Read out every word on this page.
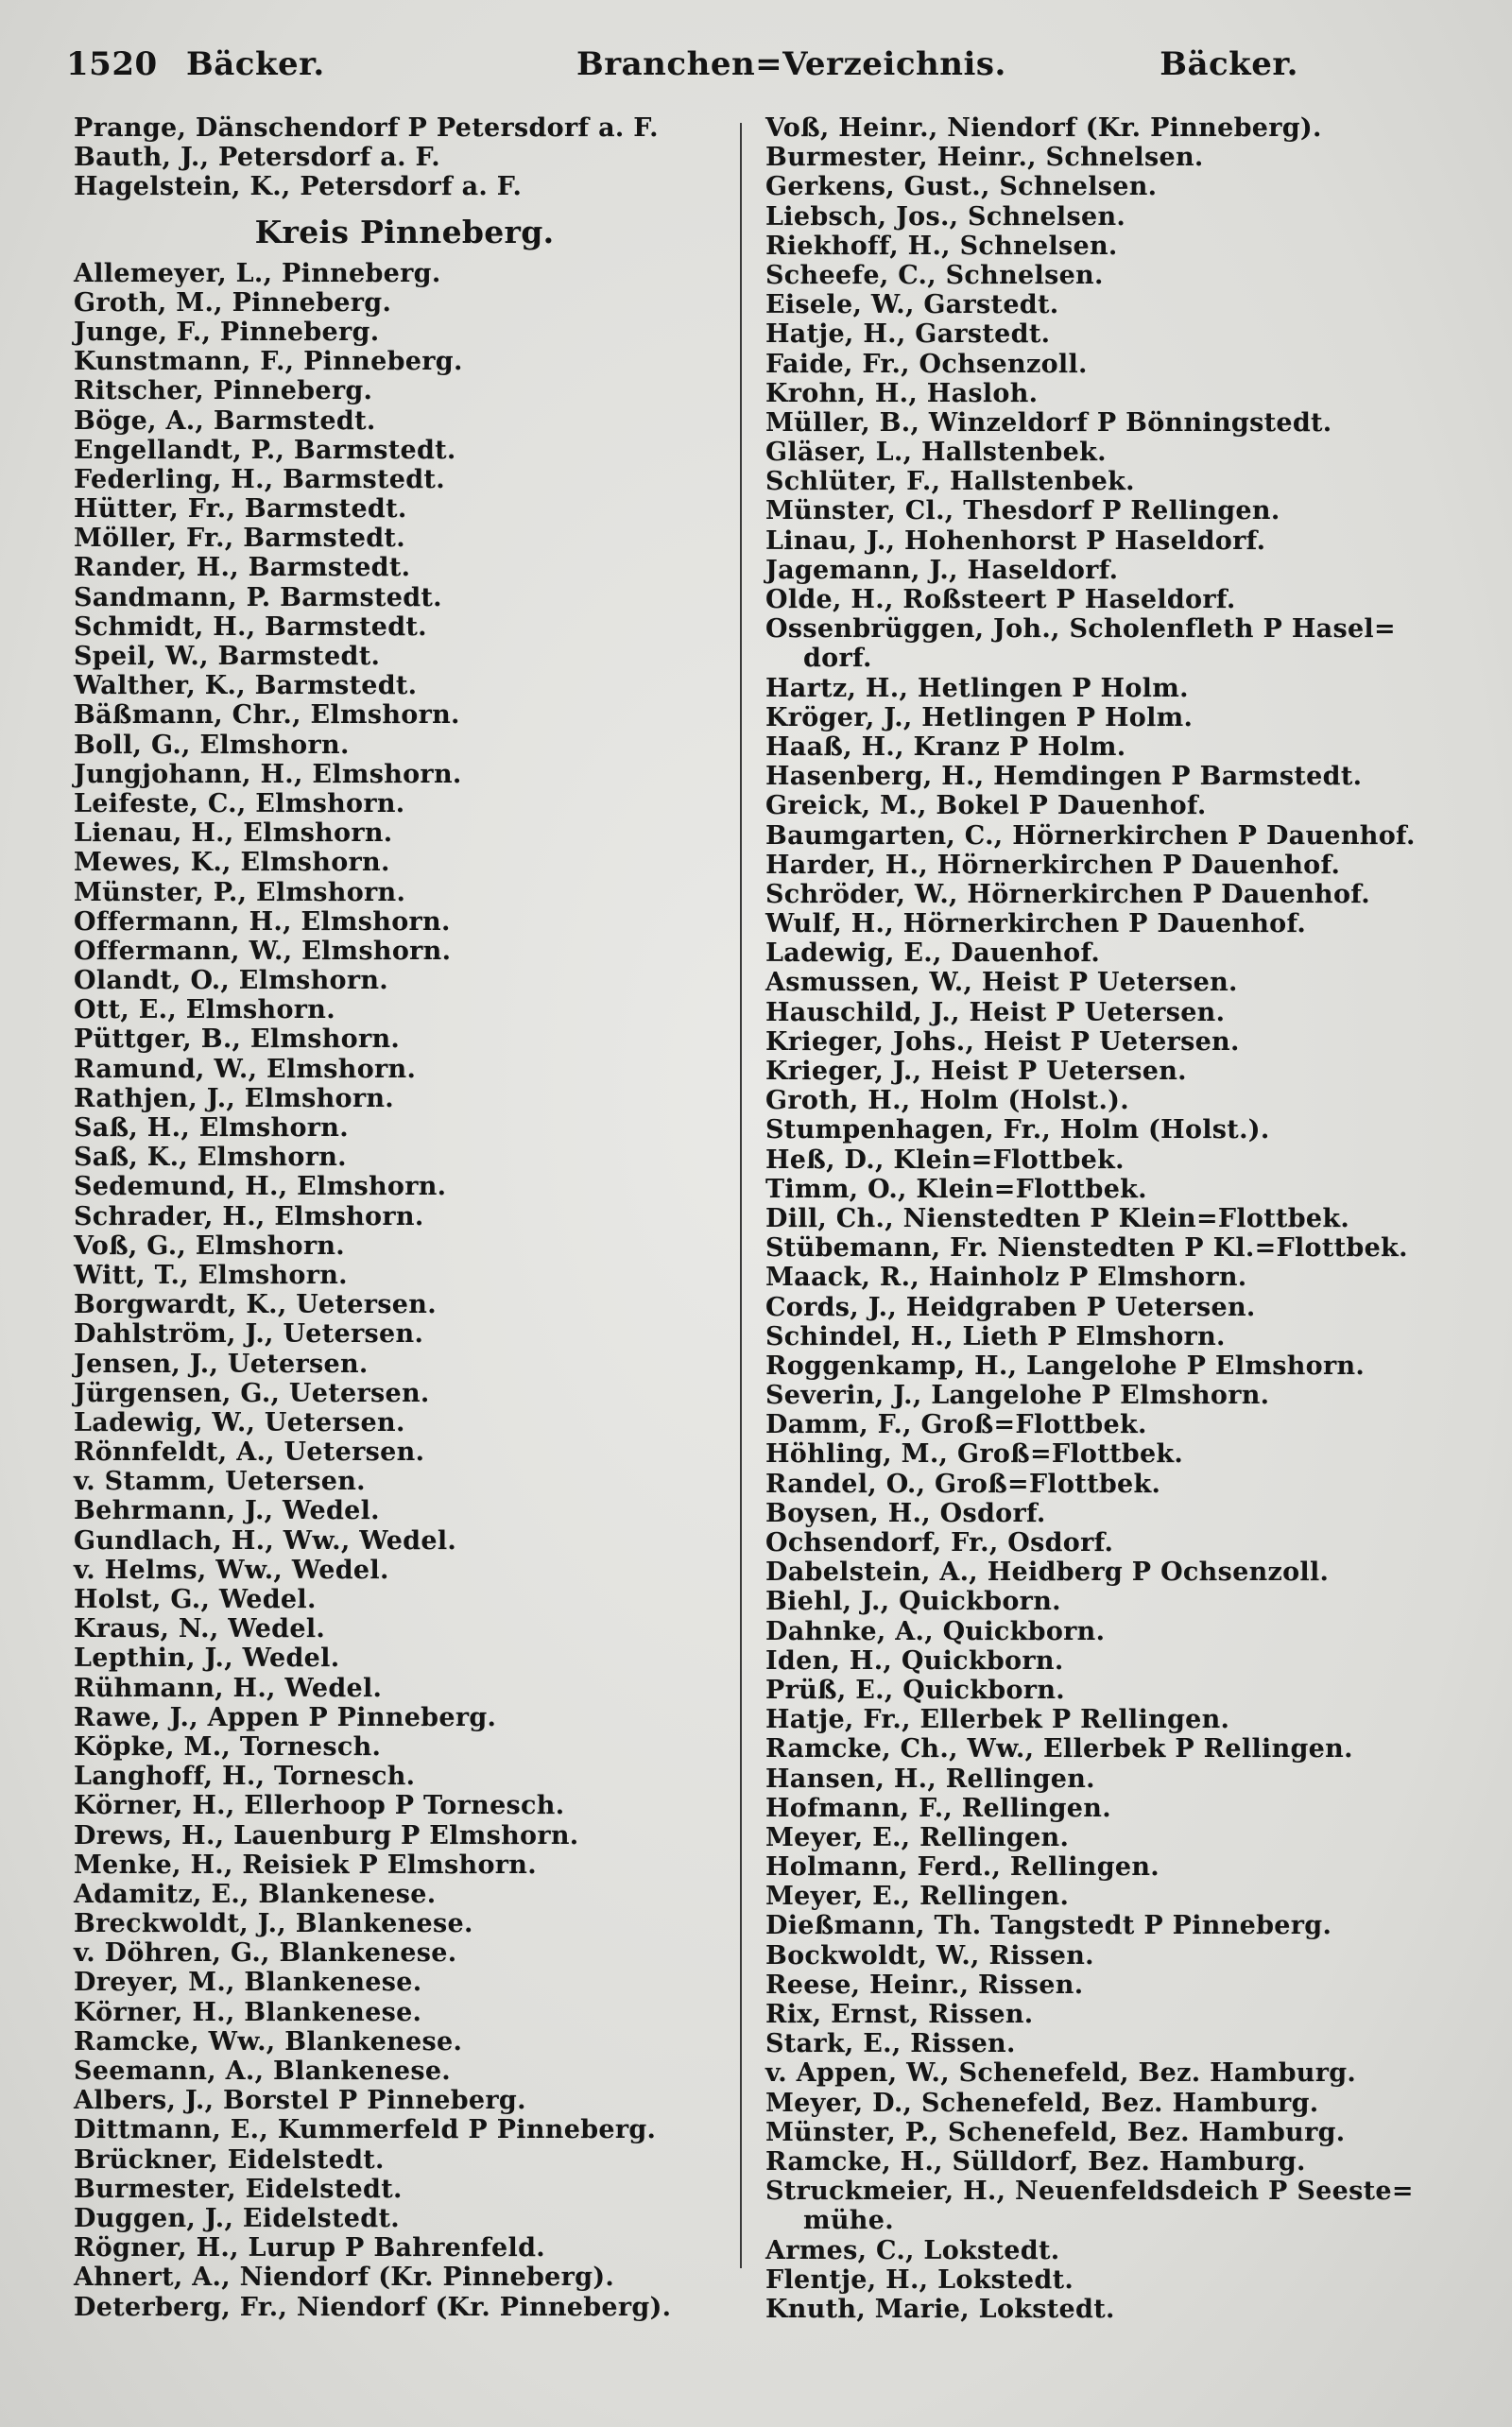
1520 Bäcker.	Branchen=Verzeichnis.	Bäcker.
Prange, Dänschendorf P Petersdorf a. F.
Bauth, J., Petersdorf a. F.
Hagelstein, K., Petersdorf a. F.
Kreis Pinneberg.
Allemeyer, L., Pinneberg.
Groth, M., Pinneberg.
Junge, F., Pinneberg.
Kunstmann, F., Pinneberg.
Ritscher, Pinneberg.
Böge, A., Barmstedt.
Engellandt, P., Barmstedt.
Federling, H., Barmstedt.
Hütter, Fr., Barmstedt.
Möller, Fr., Barmstedt.
Rander, H., Barmstedt.
Sandmann, P. Barmstedt.
Schmidt, H., Barmstedt.
Speil, W., Barmstedt.
Walther, K., Barmstedt.
Bäßmann, Chr., Elmshorn.
Boll, G., Elmshorn.
Jungjohann, H., Elmshorn.
Leifeste, C., Elmshorn.
Lienau, H., Elmshorn.
Mewes, K., Elmshorn.
Münster, P., Elmshorn.
Offermann, H., Elmshorn.
Offermann, W., Elmshorn.
Olandt, O., Elmshorn.
Ott, E., Elmshorn.
Püttger, B., Elmshorn.
Ramund, W., Elmshorn.
Rathjen, J., Elmshorn.
Saß, H., Elmshorn.
Saß, K., Elmshorn.
Sedemund, H., Elmshorn.
Schrader, H., Elmshorn.
Voß, G., Elmshorn.
Witt, T., Elmshorn.
Borgwardt, K., Uetersen.
Dahlström, J., Uetersen.
Jensen, J., Uetersen.
Jürgensen, G., Uetersen.
Ladewig, W., Uetersen.
Rönnfeldt, A., Uetersen.
v. Stamm, Uetersen.
Behrmann, J., Wedel.
Gundlach, H., Ww., Wedel.
v. Helms, Ww., Wedel.
Holst, G., Wedel.
Kraus, N., Wedel.
Lepthin, J., Wedel.
Rühmann, H., Wedel.
Rawe, J., Appen P Pinneberg.
Köpke, M., Tornesch.
Langhoff, H., Tornesch.
Körner, H., Ellerhoop P Tornesch.
Drews, H., Lauenburg P Elmshorn.
Menke, H., Reisiek P Elmshorn.
Adamitz, E., Blankenese.
Breckwoldt, J., Blankenese.
v. Döhren, G., Blankenese.
Dreyer, M., Blankenese.
Körner, H., Blankenese.
Ramcke, Ww., Blankenese.
Seemann, A., Blankenese.
Albers, J., Borstel P Pinneberg.
Dittmann, E., Kummerfeld P Pinneberg.
Brückner, Eidelstedt.
Burmester, Eidelstedt.
Duggen, J., Eidelstedt.
Rögner, H., Lurup P Bahrenfeld.
Ahnert, A., Niendorf (Kr. Pinneberg).
Deterberg, Fr., Niendorf (Kr. Pinneberg).
Voß, Heinr., Niendorf (Kr. Pinneberg).
Burmester, Heinr., Schnelsen.
Gerkens, Gust., Schnelsen.
Liebsch, Jos., Schnelsen.
Riekhoff, H., Schnelsen.
Scheefe, C., Schnelsen.
Eisele, W., Garstedt.
Hatje, H., Garstedt.
Faide, Fr., Ochsenzoll.
Krohn, H., Hasloh.
Müller, B., Winzeldorf P Bönningstedt.
Gläser, L., Hallstenbek.
Schlüter, F., Hallstenbek.
Münster, Cl., Thesdorf P Rellingen.
Linau, J., Hohenhorst P Haseldorf.
Jagemann, J., Haseldorf.
Olde, H., Roßsteert P Haseldorf.
Ossenbrüggen, Joh., Scholenfleth P Hasel=
dorf.
Hartz, H., Hetlingen P Holm.
Kröger, J., Hetlingen P Holm.
Haaß, H., Kranz P Holm.
Hasenberg, H., Hemdingen P Barmstedt.
Greick, M., Bokel P Dauenhof.
Baumgarten, C., Hörnerkirchen P Dauenhof.
Harder, H., Hörnerkirchen P Dauenhof.
Schröder, W., Hörnerkirchen P Dauenhof.
Wulf, H., Hörnerkirchen P Dauenhof.
Ladewig, E., Dauenhof.
Asmussen, W., Heist P Uetersen.
Hauschild, J., Heist P Uetersen.
Krieger, Johs., Heist P Uetersen.
Krieger, J., Heist P Uetersen.
Groth, H., Holm (Holst.).
Stumpenhagen, Fr., Holm (Holst.).
Heß, D., Klein=Flottbek.
Timm, O., Klein=Flottbek.
Dill, Ch., Nienstedten P Klein=Flottbek.
Stübemann, Fr. Nienstedten P Kl.=Flottbek.
Maack, R., Hainholz P Elmshorn.
Cords, J., Heidgraben P Uetersen.
Schindel, H., Lieth P Elmshorn.
Roggenkamp, H., Langelohe P Elmshorn.
Severin, J., Langelohe P Elmshorn.
Damm, F., Groß=Flottbek.
Höhling, M., Groß=Flottbek.
Randel, O., Groß=Flottbek.
Boysen, H., Osdorf.
Ochsendorf, Fr., Osdorf.
Dabelstein, A., Heidberg P Ochsenzoll.
Biehl, J., Quickborn.
Dahnke, A., Quickborn.
Iden, H., Quickborn.
Prüß, E., Quickborn.
Hatje, Fr., Ellerbek P Rellingen.
Ramcke, Ch., Ww., Ellerbek P Rellingen.
Hansen, H., Rellingen.
Hofmann, F., Rellingen.
Meyer, E., Rellingen.
Holmann, Ferd., Rellingen.
Meyer, E., Rellingen.
Dießmann, Th. Tangstedt P Pinneberg.
Bockwoldt, W., Rissen.
Reese, Heinr., Rissen.
Rix, Ernst, Rissen.
Stark, E., Rissen.
v. Appen, W., Schenefeld, Bez. Hamburg.
Meyer, D., Schenefeld, Bez. Hamburg.
Münster, P., Schenefeld, Bez. Hamburg.
Ramcke, H., Sülldorf, Bez. Hamburg.
Struckmeier, H., Neuenfeldsdeich P Seeste=
mühe.
Armes, C., Lokstedt.
Flentje, H., Lokstedt.
Knuth, Marie, Lokstedt.
